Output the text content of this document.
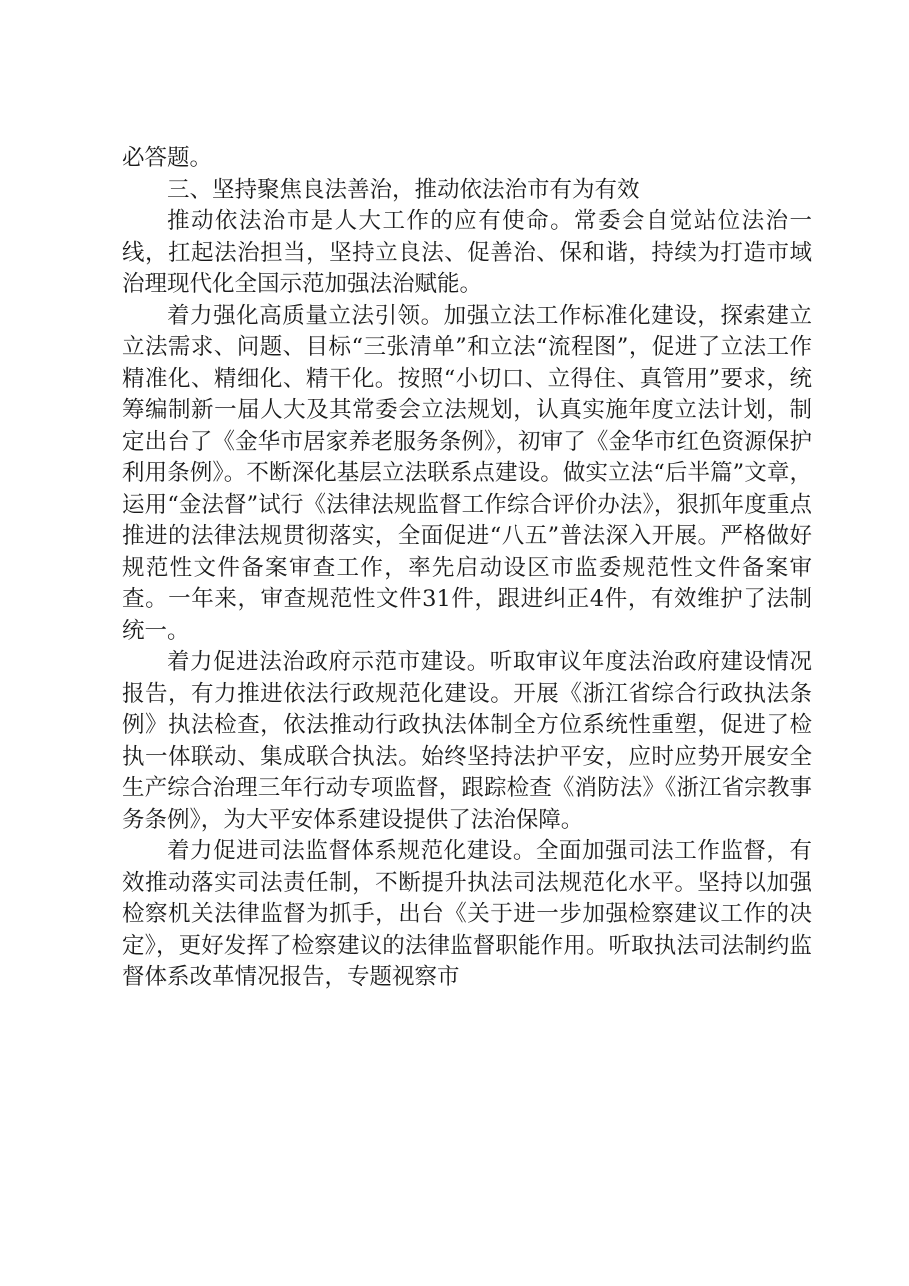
必答题。

三、坚持聚焦良法善治，推动依法治市有为有效

推动依法治市是人大工作的应有使命。常委会自觉站位法治一线，扛起法治担当，坚持立良法、促善治、保和谐，持续为打造市域治理现代化全国示范加强法治赋能。

着力强化高质量立法引领。加强立法工作标准化建设，探索建立立法需求、问题、目标“三张清单”和立法“流程图”，促进了立法工作精准化、精细化、精干化。按照“小切口、立得住、真管用”要求，统筹编制新一届人大及其常委会立法规划，认真实施年度立法计划，制定出台了《金华市居家养老服务条例》，初审了《金华市红色资源保护利用条例》。不断深化基层立法联系点建设。做实立法“后半篇”文章，运用“金法督”试行《法律法规监督工作综合评价办法》，狠抓年度重点推进的法律法规贯彻落实，全面促进“八五”普法深入开展。严格做好规范性文件备案审查工作，率先启动设区市监委规范性文件备案审查。一年来，审查规范性文件31件，跟进纠正4件，有效维护了法制统一。

着力促进法治政府示范市建设。听取审议年度法治政府建设情况报告，有力推进依法行政规范化建设。开展《浙江省综合行政执法条例》执法检查，依法推动行政执法体制全方位系统性重塑，促进了检执一体联动、集成联合执法。始终坚持法护平安，应时应势开展安全生产综合治理三年行动专项监督，跟踪检查《消防法》《浙江省宗教事务条例》，为大平安体系建设提供了法治保障。

着力促进司法监督体系规范化建设。全面加强司法工作监督，有效推动落实司法责任制，不断提升执法司法规范化水平。坚持以加强检察机关法律监督为抓手，出台《关于进一步加强检察建议工作的决定》，更好发挥了检察建议的法律监督职能作用。听取执法司法制约监督体系改革情况报告，专题视察市
